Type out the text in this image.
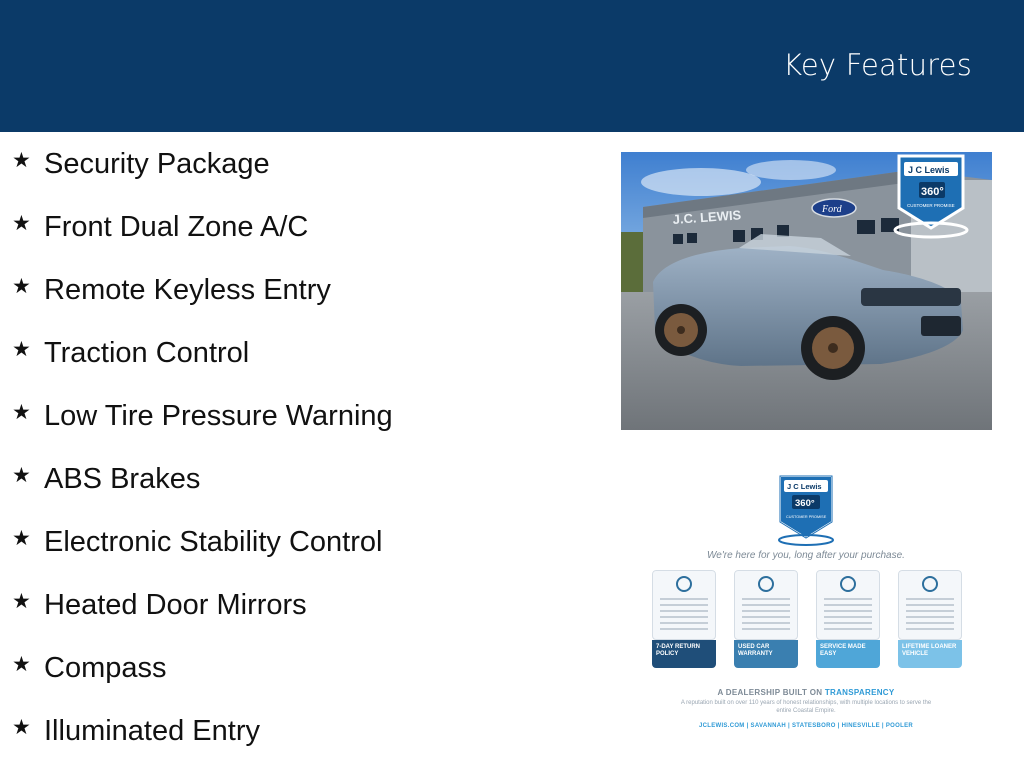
Key Features
★ Security Package
★ Front Dual Zone A/C
★ Remote Keyless Entry
★ Traction Control
★ Low Tire Pressure Warning
★ ABS Brakes
★ Electronic Stability Control
★ Heated Door Mirrors
★ Compass
★ Illuminated Entry
J.C. LEWIS	Ford
J C Lewis
360°
CUSTOMER PROMISE
J C Lewis
360°
CUSTOMER PROMISE
We're here for you, long after your purchase.
7-DAY RETURN POLICY
USED CAR WARRANTY
SERVICE MADE EASY
LIFETIME LOANER VEHICLE
A DEALERSHIP BUILT ON TRANSPARENCY
A reputation built on over 110 years of honest relationships, with multiple locations to serve the entire Coastal Empire.
JCLEWIS.COM | SAVANNAH | STATESBORO | HINESVILLE | POOLER
